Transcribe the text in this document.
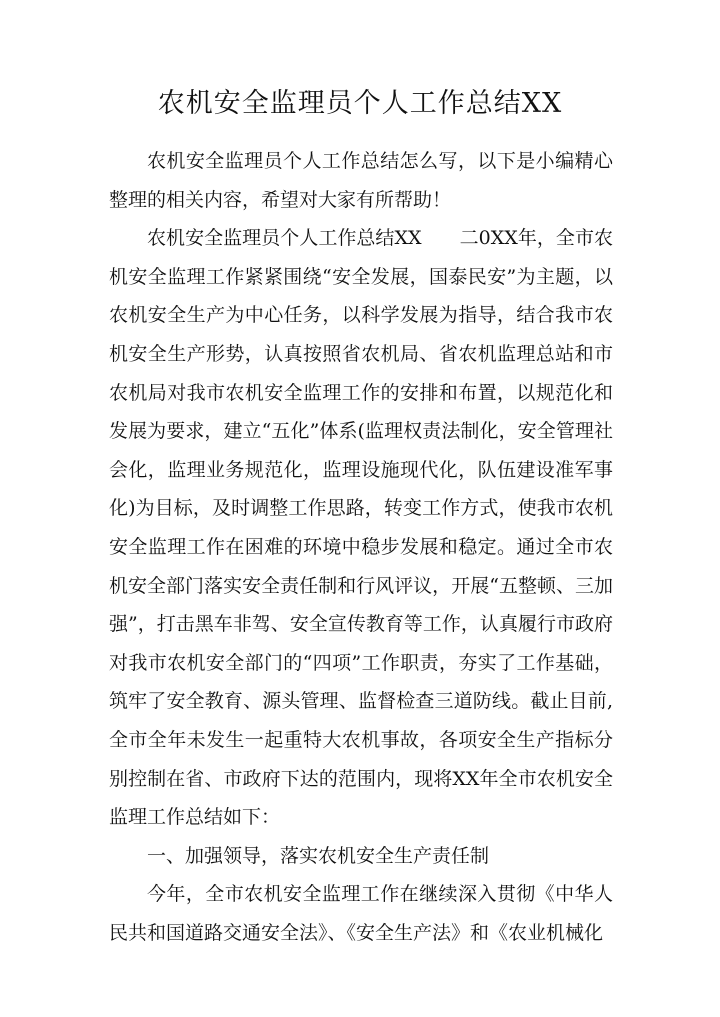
农机安全监理员个人工作总结XX

农机安全监理员个人工作总结怎么写，以下是小编精心整理的相关内容，希望对大家有所帮助！

农机安全监理员个人工作总结XX　　二0XX年，全市农机安全监理工作紧紧围绕“安全发展，国泰民安”为主题，以农机安全生产为中心任务，以科学发展为指导，结合我市农机安全生产形势，认真按照省农机局、省农机监理总站和市农机局对我市农机安全监理工作的安排和布置，以规范化和发展为要求，建立“五化”体系(监理权责法制化，安全管理社会化，监理业务规范化，监理设施现代化，队伍建设准军事化)为目标，及时调整工作思路，转变工作方式，使我市农机安全监理工作在困难的环境中稳步发展和稳定。通过全市农机安全部门落实安全责任制和行风评议，开展“五整顿、三加强”，打击黑车非驾、安全宣传教育等工作，认真履行市政府对我市农机安全部门的“四项”工作职责，夯实了工作基础，筑牢了安全教育、源头管理、监督检查三道防线。截止目前,全市全年未发生一起重特大农机事故，各项安全生产指标分别控制在省、市政府下达的范围内，现将XX年全市农机安全监理工作总结如下：

一、加强领导，落实农机安全生产责任制

今年，全市农机安全监理工作在继续深入贯彻《中华人民共和国道路交通安全法》、《安全生产法》和《农业机械化
